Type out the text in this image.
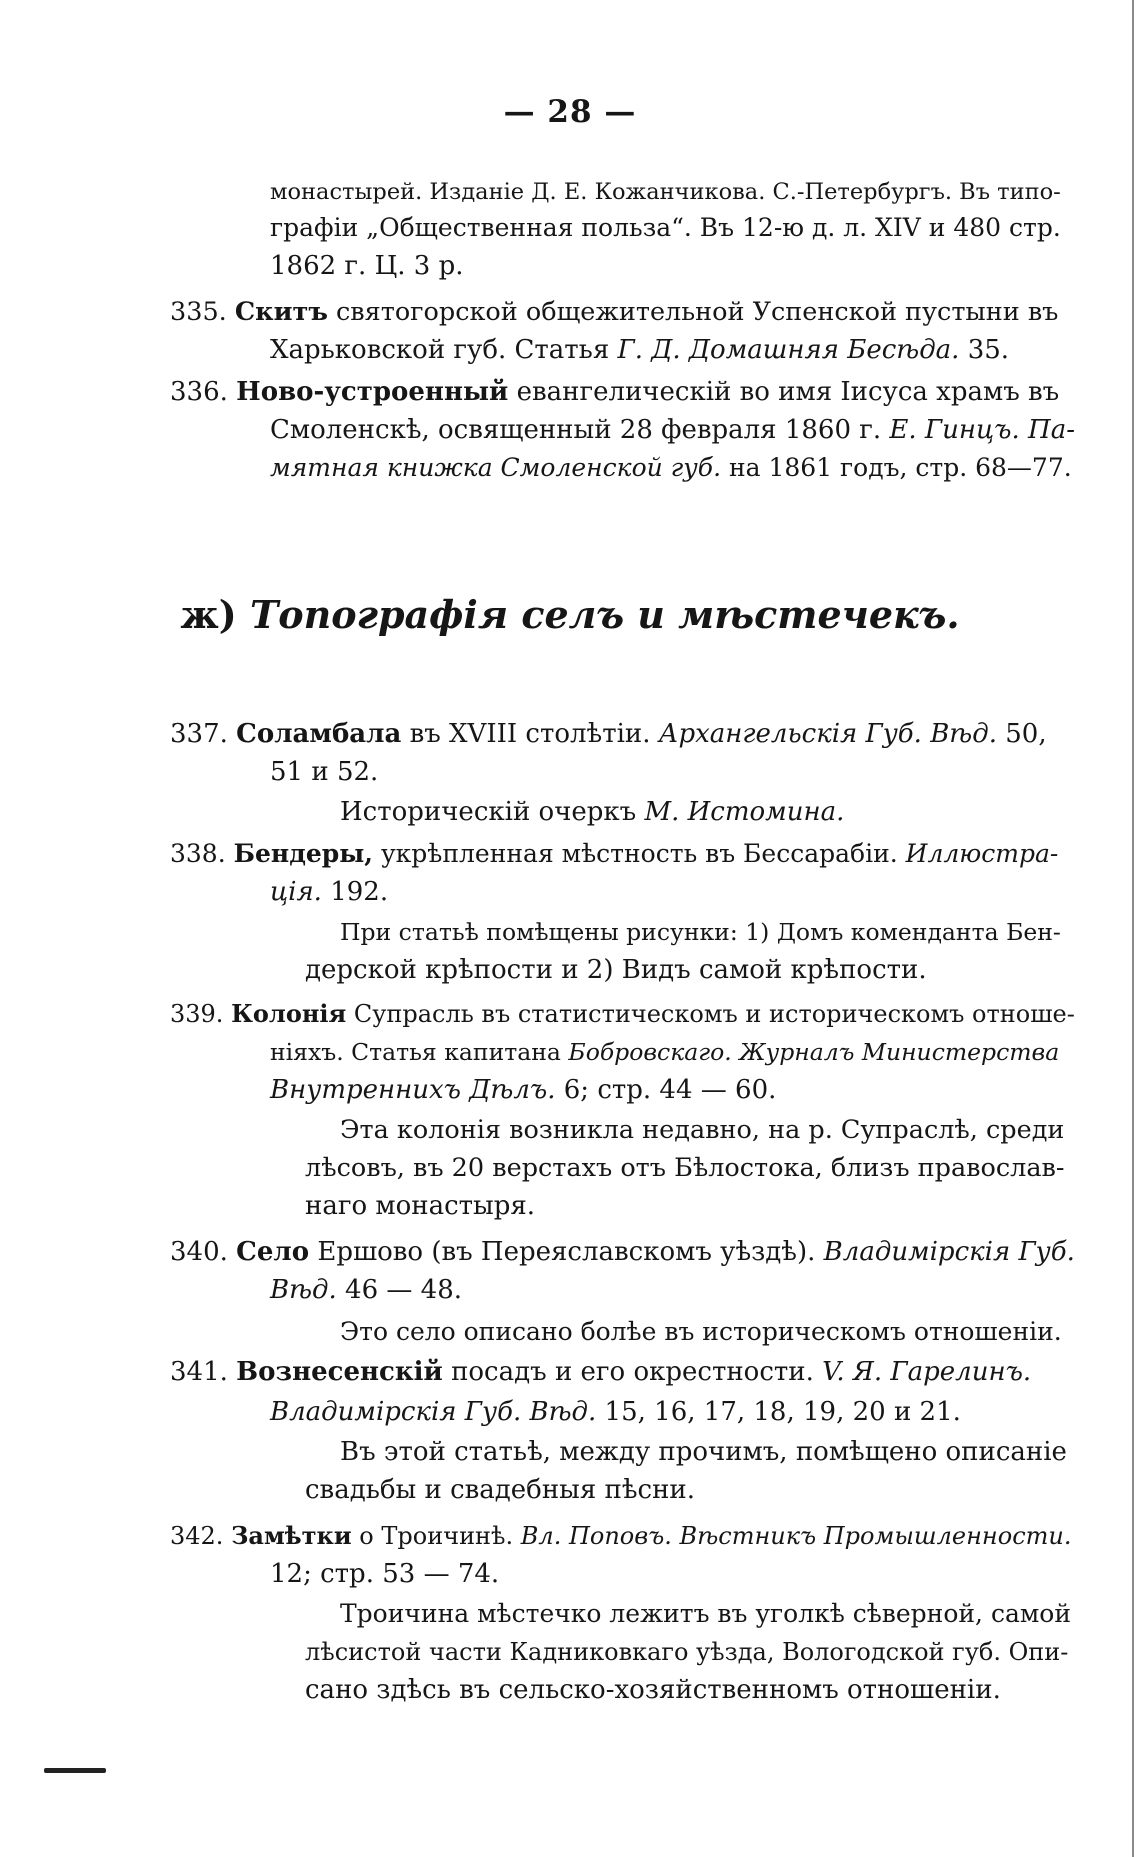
— 28 —
монастырей. Изданіе Д. Е. Кожанчикова. С.-Петербургъ. Въ типо-
графіи „Общественная польза“. Въ 12-ю д. л. XIV и 480 стр.
1862 г. Ц. 3 р.
335. Скитъ святогорской общежительной Успенской пустыни въ
Харьковской губ. Статья Г. Д. Домашняя Бесѣда. 35.
336. Ново-устроенный евангелическій во имя Іисуса храмъ въ
Смоленскѣ, освященный 28 февраля 1860 г. Е. Гинцъ. Па-
мятная книжка Смоленской губ. на 1861 годъ, стр. 68—77.
ж) Топографія селъ и мѣстечекъ.
337. Соламбала въ XVIII столѣтіи. Архангельскія Губ. Вѣд. 50,
51 и 52.
Историческій очеркъ М. Истомина.
338. Бендеры, укрѣпленная мѣстность въ Бессарабіи. Иллюстра-
ція. 192.
При статьѣ помѣщены рисунки: 1) Домъ коменданта Бен-
дерской крѣпости и 2) Видъ самой крѣпости.
339. Колонія Супрасль въ статистическомъ и историческомъ отноше-
ніяхъ. Статья капитана Бобровскаго. Журналъ Министерства
Внутреннихъ Дѣлъ. 6; стр. 44 — 60.
Эта колонія возникла недавно, на р. Супраслѣ, среди
лѣсовъ, въ 20 верстахъ отъ Бѣлостока, близъ православ-
наго монастыря.
340. Село Ершово (въ Переяславскомъ уѣздѣ). Владимірскія Губ.
Вѣд. 46 — 48.
Это село описано болѣе въ историческомъ отношеніи.
341. Вознесенскій посадъ и его окрестности. V. Я. Гарелинъ.
Владимірскія Губ. Вѣд. 15, 16, 17, 18, 19, 20 и 21.
Въ этой статьѣ, между прочимъ, помѣщено описаніе
свадьбы и свадебныя пѣсни.
342. Замѣтки о Троичинѣ. Вл. Поповъ. Вѣстникъ Промышленности.
12; стр. 53 — 74.
Троичина мѣстечко лежитъ въ уголкѣ сѣверной, самой
лѣсистой части Кадниковкаго уѣзда, Вологодской губ. Опи-
сано здѣсь въ сельско-хозяйственномъ отношеніи.
